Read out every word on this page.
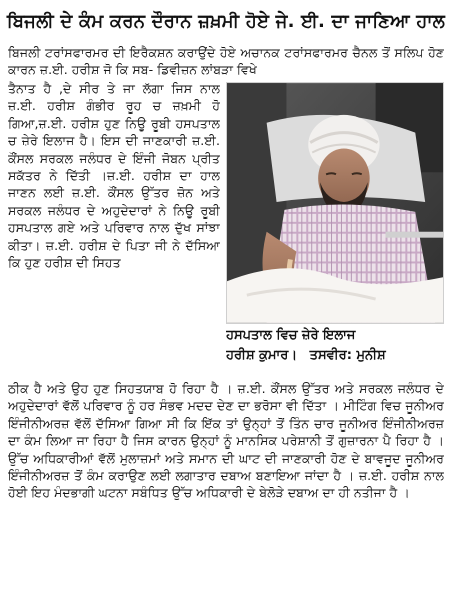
ਬਿਜਲੀ ਦੇ ਕੰਮ ਕਰਨ ਦੌਰਾਨ ਜ਼ਖ਼ਮੀ ਹੋਏ ਜੇ. ਈ. ਦਾ ਜਾਣਿਆ ਹਾਲ
ਬਿਜਲੀ ਟਰਾਂਸਫਾਰਮਰ ਦੀ ਇਰੈਕਸ਼ਨ ਕਰਾਉਂਦੇ ਹੋਏ ਅਚਾਨਕ ਟਰਾਂਸਫਾਰਮਰ ਚੈਨਲ ਤੋਂ ਸਲਿਪ ਹੋਣ ਕਾਰਨ ਜ਼.ਈ. ਹਰੀਸ਼ ਜੋ ਕਿ ਸਬ- ਡਿਵੀਜ਼ਨ ਲਾਂਬੜਾ ਵਿਖੇ
ਤੈਨਾਤ ਹੈ ,ਦੇ ਸੀਰ ਤੇ ਜਾ ਲੱਗਾ ਜਿਸ ਨਾਲ ਜ਼.ਈ. ਹਰੀਸ਼ ਗੰਭੀਰ ਰੂਹ ਚ ਜ਼ਖ਼ਮੀ ਹੋ ਗਿਆ,ਜ਼.ਈ. ਹਰੀਸ਼ ਹੁਣ ਨਿਊ ਰੂਬੀ ਹਸਪਤਾਲ ਚ ਜ਼ੇਰੇ ਇਲਾਜ ਹੈ। ਇਸ ਦੀ ਜਾਣਕਾਰੀ ਜ਼.ਈ. ਕੌਂਸਲ ਸਰਕਲ ਜਲੰਧਰ ਦੇ ਇੰਜੀ ਜੋਬਨ ਪ੍ਰੀਤ ਸਕੱਤਰ ਨੇ ਦਿੱਤੀ ।ਜ਼.ਈ. ਹਰੀਸ਼ ਦਾ ਹਾਲ ਜਾਣਨ ਲਈ ਜ਼.ਈ. ਕੌਂਸਲ ਉੱਤਰ ਜ਼ੋਨ ਅਤੇ ਸਰਕਲ ਜਲੰਧਰ ਦੇ ਅਹੁਦੇਦਾਰਾਂ ਨੇ ਨਿਊ ਰੂਬੀ ਹਸਪਤਾਲ ਗਏ ਅਤੇ ਪਰਿਵਾਰ ਨਾਲ ਦੁੱਖ ਸਾਂਝਾ ਕੀਤਾ। ਜ਼.ਈ. ਹਰੀਸ਼ ਦੇ ਪਿਤਾ ਜੀ ਨੇ ਦੱਸਿਆ ਕਿ ਹੁਣ ਹਰੀਸ਼ ਦੀ ਸਿਹਤ
ਹਸਪਤਾਲ ਵਿਚ ਜ਼ੇਰੇ ਇਲਾਜ
ਹਰੀਸ਼ ਕੁਮਾਰ। ਤਸਵੀਰ: ਮੁਨੀਸ਼
ਠੀਕ ਹੈ ਅਤੇ ਉਹ ਹੁਣ ਸਿਹਤਯਾਬ ਹੋ ਰਿਹਾ ਹੈ । ਜ਼.ਈ. ਕੌਂਸਲ ਉੱਤਰ ਅਤੇ ਸਰਕਲ ਜਲੰਧਰ ਦੇ ਅਹੁਦੇਦਾਰਾਂ ਵੱਲੋਂ ਪਰਿਵਾਰ ਨੂੰ ਹਰ ਸੰਭਵ ਮਦਦ ਦੇਣ ਦਾ ਭਰੋਸਾ ਵੀ ਦਿੱਤਾ । ਮੀਟਿੰਗ ਵਿਚ ਜੂਨੀਅਰ ਇੰਜੀਨੀਅਰਜ਼ ਵੱਲੋਂ ਦੱਸਿਆ ਗਿਆ ਸੀ ਕਿ ਇੱਕ ਤਾਂ ਉਨ੍ਹਾਂ ਤੋਂ ਤਿੰਨ ਚਾਰ ਜੂਨੀਅਰ ਇੰਜੀਨੀਅਰਜ਼ ਦਾ ਕੰਮ ਲਿਆ ਜਾ ਰਿਹਾ ਹੈ ਜਿਸ ਕਾਰਨ ਉਨ੍ਹਾਂ ਨੂੰ ਮਾਨਸਿਕ ਪਰੇਸ਼ਾਨੀ ਤੋਂ ਗੁਜ਼ਾਰਨਾ ਪੈ ਰਿਹਾ ਹੈ । ਉੱਚ ਅਧਿਕਾਰੀਆਂ ਵੱਲੋਂ ਮੁਲਾਜ਼ਮਾਂ ਅਤੇ ਸਮਾਨ ਦੀ ਘਾਟ ਦੀ ਜਾਣਕਾਰੀ ਹੋਣ ਦੇ ਬਾਵਜੂਦ ਜੂਨੀਅਰ ਇੰਜੀਨੀਅਰਜ਼ ਤੋਂ ਕੰਮ ਕਰਾਉਣ ਲਈ ਲਗਾਤਾਰ ਦਬਾਅ ਬਣਾਇਆ ਜਾਂਦਾ ਹੈ । ਜ਼.ਈ. ਹਰੀਸ਼ ਨਾਲ ਹੋਈ ਇਹ ਮੰਦਭਾਗੀ ਘਟਨਾ ਸਬੰਧਿਤ ਉੱਚ ਅਧਿਕਾਰੀ ਦੇ ਬੇਲੋੜੇ ਦਬਾਅ ਦਾ ਹੀ ਨਤੀਜਾ ਹੈ ।
